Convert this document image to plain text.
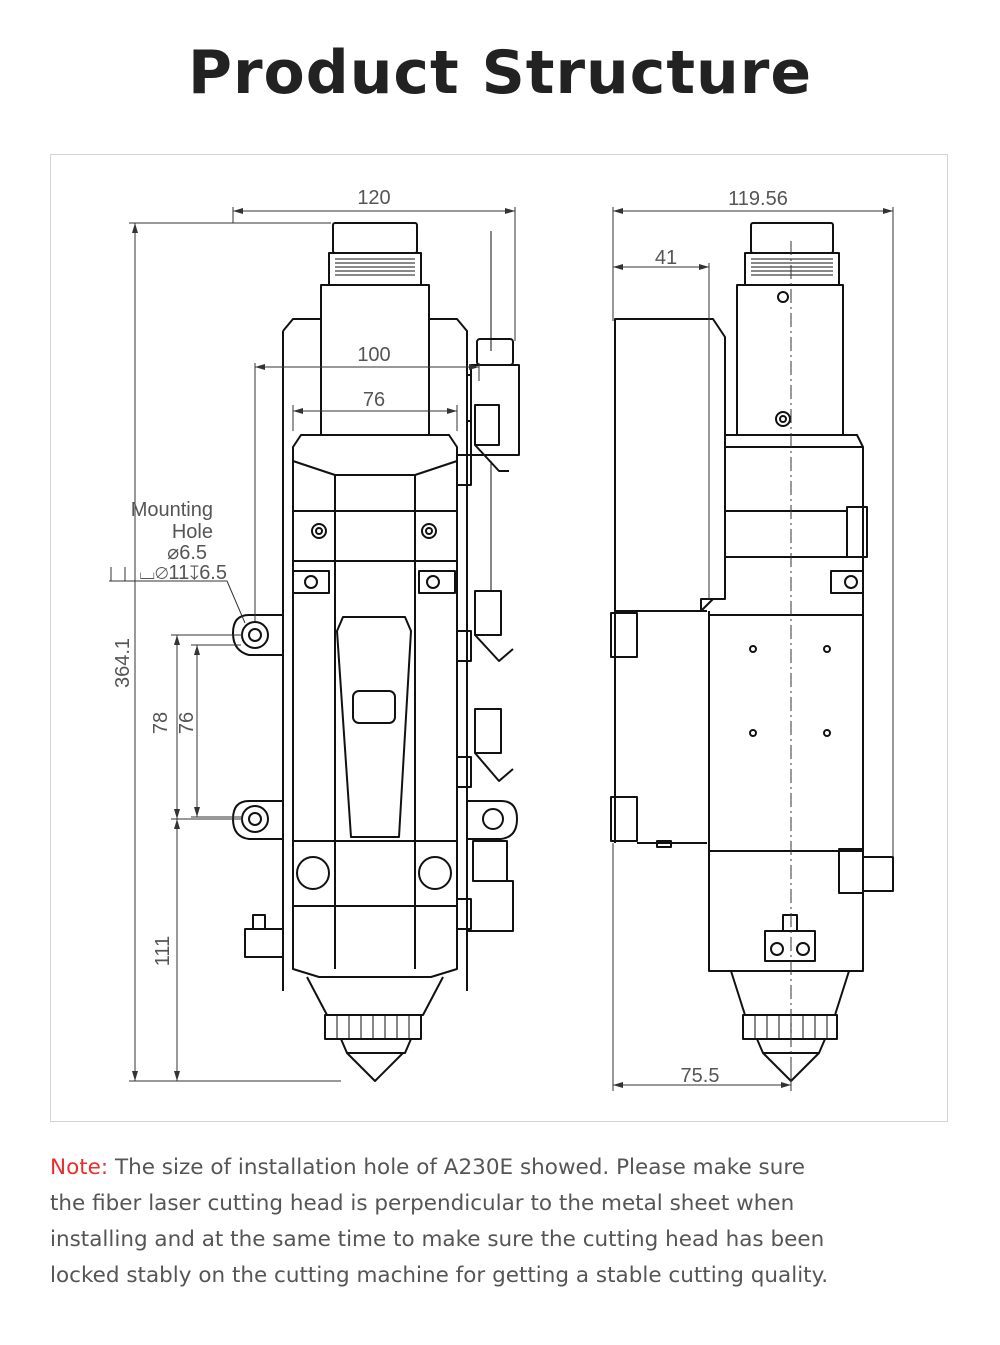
Product Structure
120
100
76
Mounting
Hole
⌀6.5
⌴⌀11↧6.5
364.1
78 76
111
119.56
41
75.5

Note: The size of installation hole of A230E showed. Please make sure
the fiber laser cutting head is perpendicular to the metal sheet when
installing and at the same time to make sure the cutting head has been
locked stably on the cutting machine for getting a stable cutting quality.
